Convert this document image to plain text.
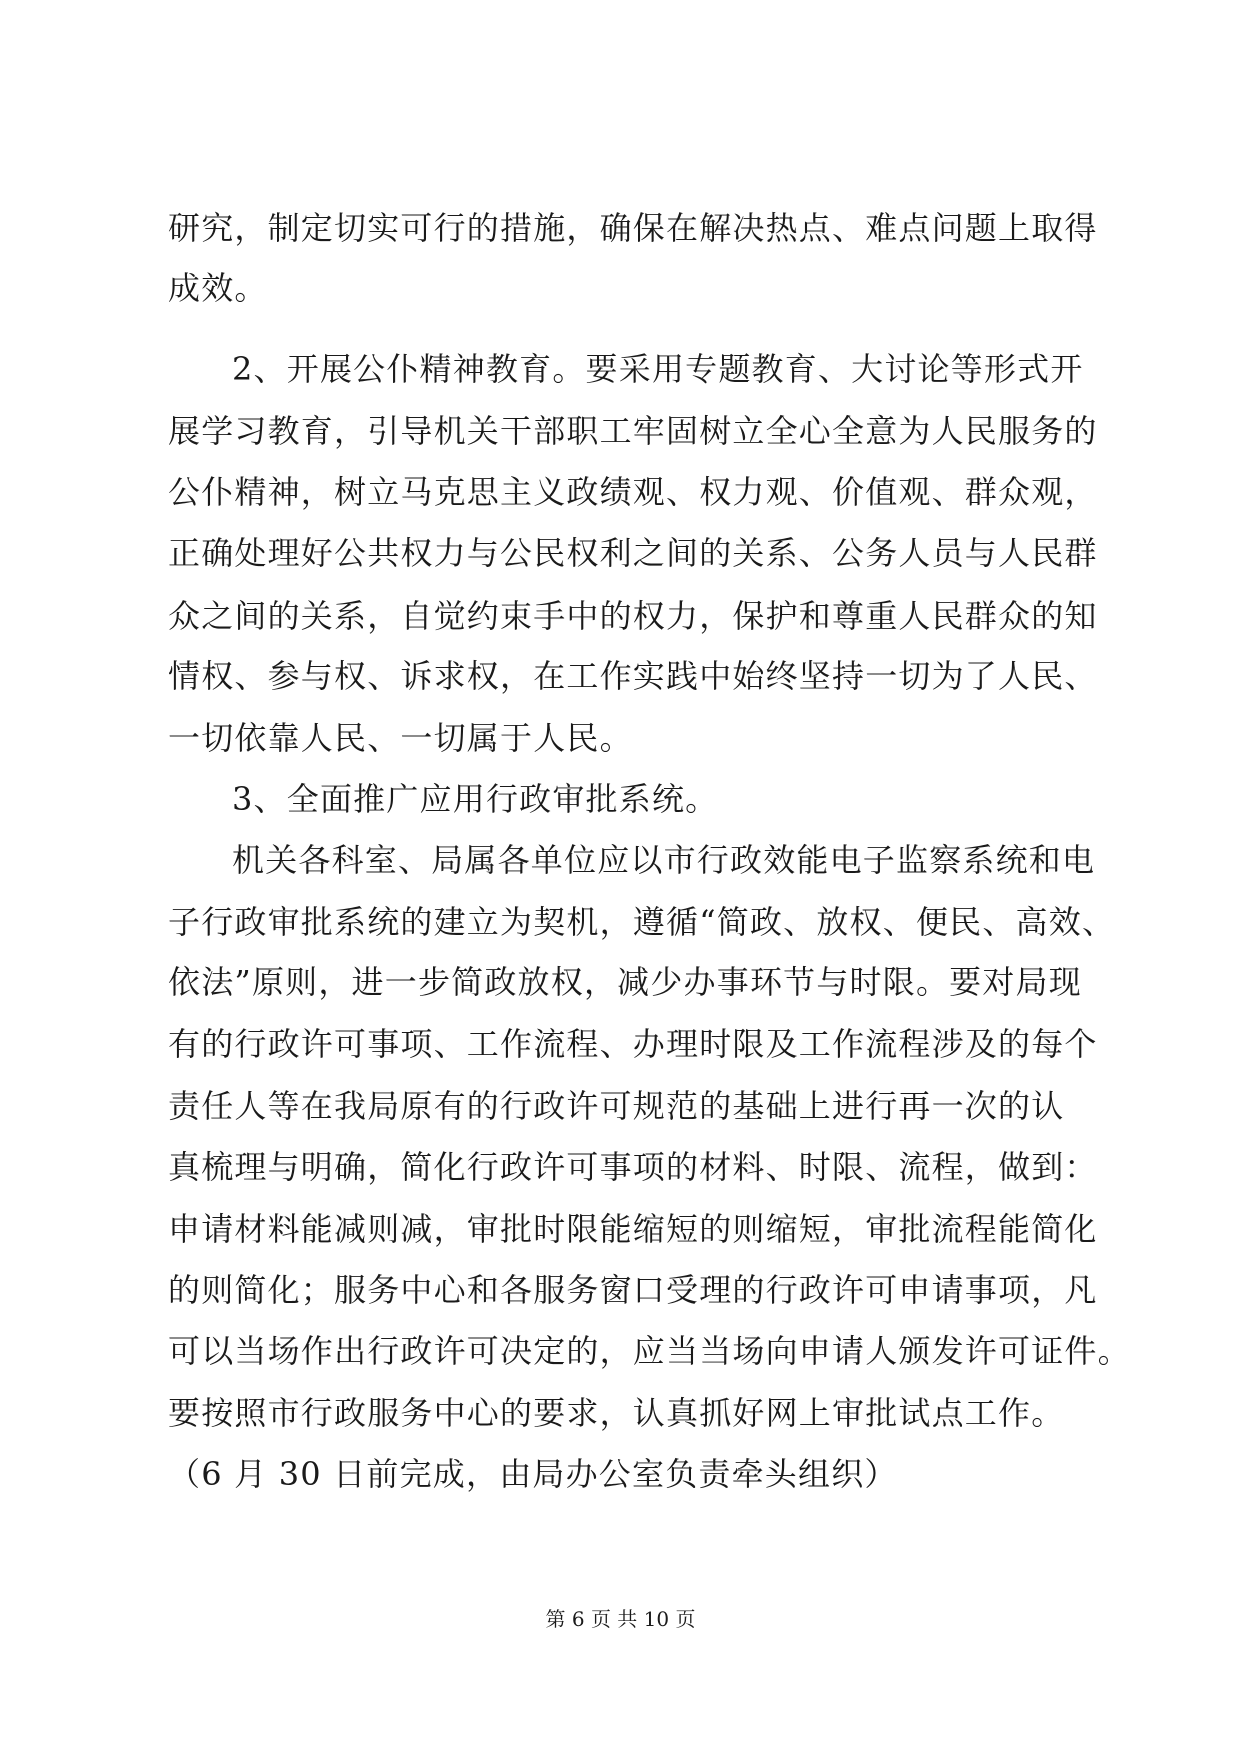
研究，制定切实可行的措施，确保在解决热点、难点问题上取得
成效。
2、开展公仆精神教育。要采用专题教育、大讨论等形式开
展学习教育，引导机关干部职工牢固树立全心全意为人民服务的
公仆精神，树立马克思主义政绩观、权力观、价值观、群众观，
正确处理好公共权力与公民权利之间的关系、公务人员与人民群
众之间的关系，自觉约束手中的权力，保护和尊重人民群众的知
情权、参与权、诉求权，在工作实践中始终坚持一切为了人民、
一切依靠人民、一切属于人民。
3、全面推广应用行政审批系统。
机关各科室、局属各单位应以市行政效能电子监察系统和电
子行政审批系统的建立为契机，遵循“简政、放权、便民、高效、
依法”原则，进一步简政放权，减少办事环节与时限。要对局现
有的行政许可事项、工作流程、办理时限及工作流程涉及的每个
责任人等在我局原有的行政许可规范的基础上进行再一次的认
真梳理与明确，简化行政许可事项的材料、时限、流程，做到：
申请材料能减则减，审批时限能缩短的则缩短，审批流程能简化
的则简化；服务中心和各服务窗口受理的行政许可申请事项，凡
可以当场作出行政许可决定的，应当当场向申请人颁发许可证件。
要按照市行政服务中心的要求，认真抓好网上审批试点工作。
（6 月 30 日前完成，由局办公室负责牵头组织）
第 6 页 共 10 页
